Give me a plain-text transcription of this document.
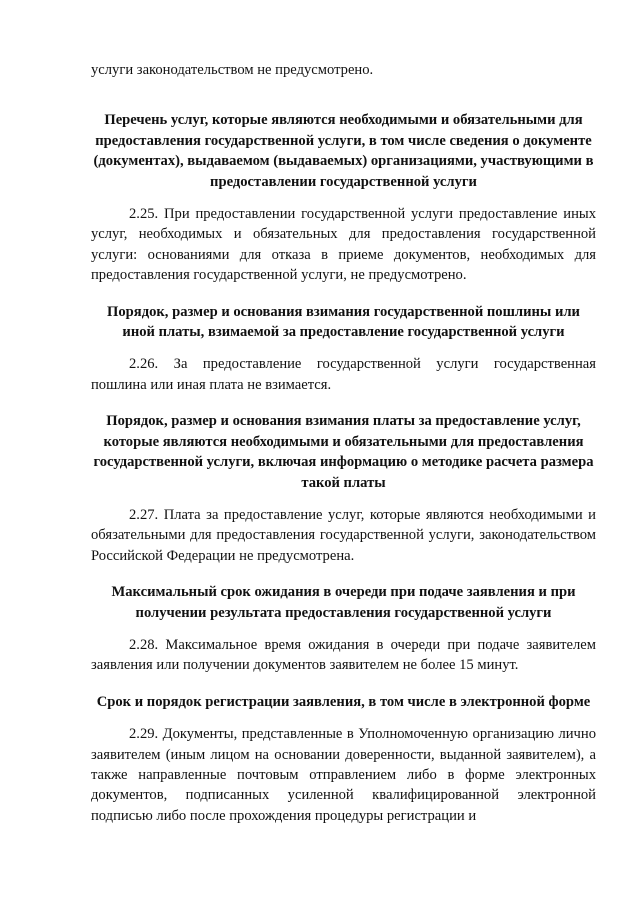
услуги законодательством не предусмотрено.

Перечень услуг, которые являются необходимыми и обязательными для предоставления государственной услуги, в том числе сведения о документе (документах), выдаваемом (выдаваемых) организациями, участвующими в предоставлении государственной услуги

2.25. При предоставлении государственной услуги предоставление иных услуг, необходимых и обязательных для предоставления государственной услуги: основаниями для отказа в приеме документов, необходимых для предоставления государственной услуги, не предусмотрено.

Порядок, размер и основания взимания государственной пошлины или иной платы, взимаемой за предоставление государственной услуги

2.26. За предоставление государственной услуги государственная пошлина или иная плата не взимается.

Порядок, размер и основания взимания платы за предоставление услуг, которые являются необходимыми и обязательными для предоставления государственной услуги, включая информацию о методике расчета размера такой платы

2.27. Плата за предоставление услуг, которые являются необходимыми и обязательными для предоставления государственной услуги, законодательством Российской Федерации не предусмотрена.

Максимальный срок ожидания в очереди при подаче заявления и при получении результата предоставления государственной услуги

2.28. Максимальное время ожидания в очереди при подаче заявителем заявления или получении документов заявителем не более 15 минут.

Срок и порядок регистрации заявления, в том числе в электронной форме

2.29. Документы, представленные в Уполномоченную организацию лично заявителем (иным лицом на основании доверенности, выданной заявителем), а также направленные почтовым отправлением либо в форме электронных документов, подписанных усиленной квалифицированной электронной подписью либо после прохождения процедуры регистрации и
